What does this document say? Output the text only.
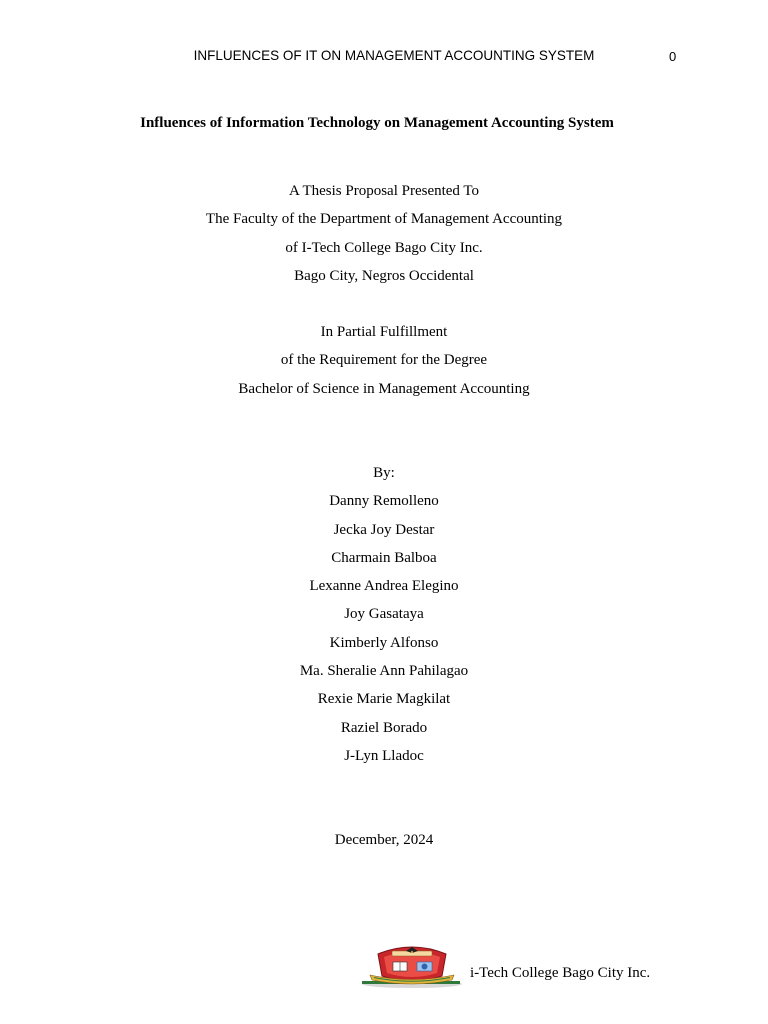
INFLUENCES OF IT ON MANAGEMENT ACCOUNTING SYSTEM	0
Influences of Information Technology on Management Accounting System
A Thesis Proposal Presented To
The Faculty of the Department of Management Accounting
of I-Tech College Bago City Inc.
Bago City, Negros Occidental
In Partial Fulfillment
of the Requirement for the Degree
Bachelor of Science in Management Accounting
By:
Danny Remolleno
Jecka Joy Destar
Charmain Balboa
Lexanne Andrea Elegino
Joy Gasataya
Kimberly Alfonso
Ma. Sheralie Ann Pahilagao
Rexie Marie Magkilat
Raziel Borado
J-Lyn Lladoc
December, 2024
i-Tech College Bago City Inc.
